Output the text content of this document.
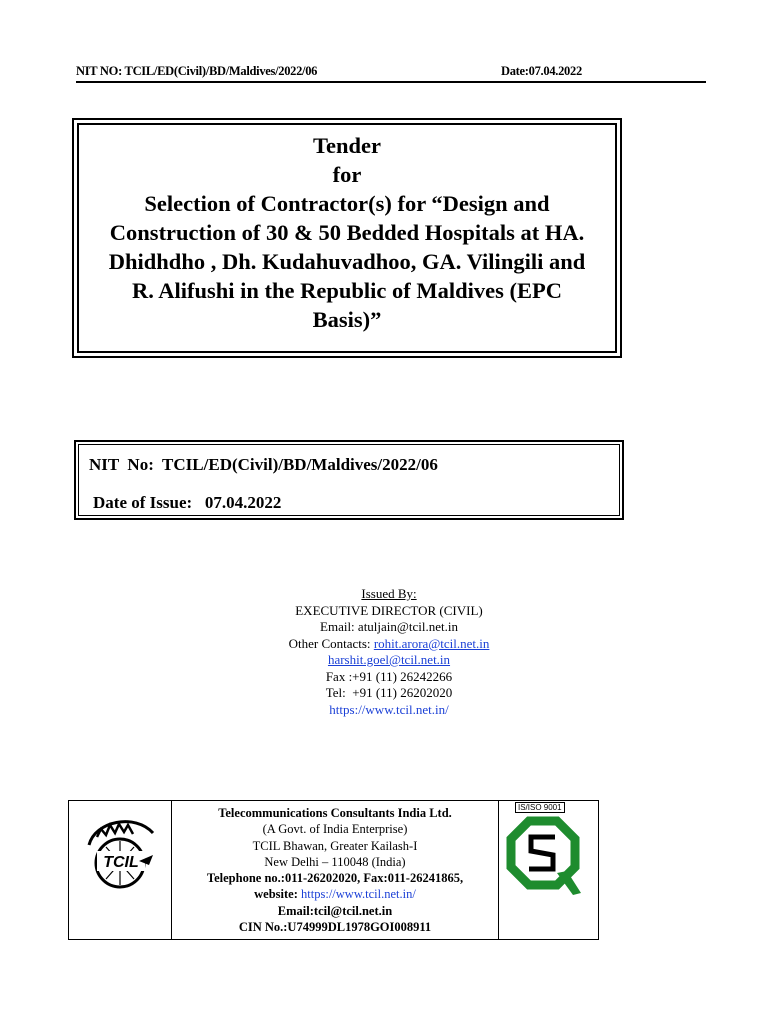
NIT NO: TCIL/ED(Civil)/BD/Maldives/2022/06	Date:07.04.2022
Tender
for
Selection of Contractor(s) for “Design and
Construction of 30 & 50 Bedded Hospitals at HA.
Dhidhdho , Dh. Kudahuvadhoo, GA. Vilingili and
R. Alifushi in the Republic of Maldives (EPC
Basis)”
NIT  No:  TCIL/ED(Civil)/BD/Maldives/2022/06
Date of Issue:   07.04.2022
Issued By:
EXECUTIVE DIRECTOR (CIVIL)
Email: atuljain@tcil.net.in
Other Contacts: rohit.arora@tcil.net.in
harshit.goel@tcil.net.in
Fax :+91 (11) 26242266
Tel:  +91 (11) 26202020
https://www.tcil.net.in/
TCIL
Telecommunications Consultants India Ltd.
(A Govt. of India Enterprise)
TCIL Bhawan, Greater Kailash-I
New Delhi – 110048 (India)
Telephone no.:011-26202020, Fax:011-26241865,
website: https://www.tcil.net.in/
Email:tcil@tcil.net.in
CIN No.:U74999DL1978GOI008911
IS/ISO 9001
